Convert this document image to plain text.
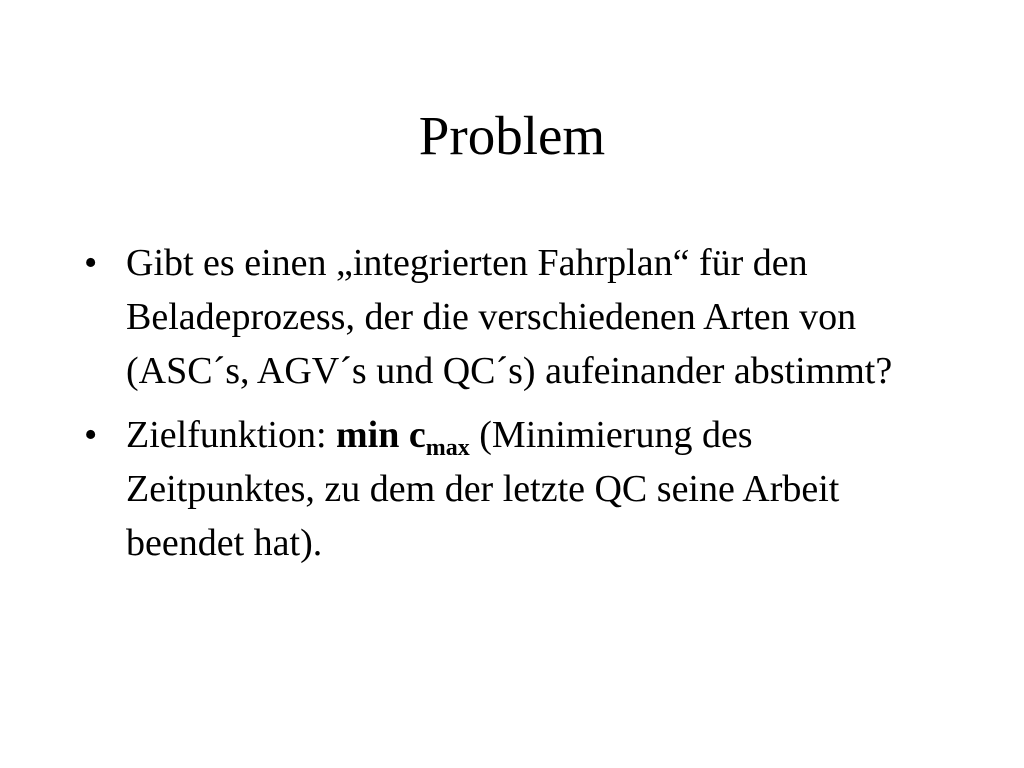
Problem
• Gibt es einen „integrierten Fahrplan“ für den Beladeprozess, der die verschiedenen Arten von (ASC´s, AGV´s und QC´s) aufeinander abstimmt?
• Zielfunktion: $\min c_{max}$ (Minimierung des Zeitpunktes, zu dem der letzte QC seine Arbeit beendet hat).
